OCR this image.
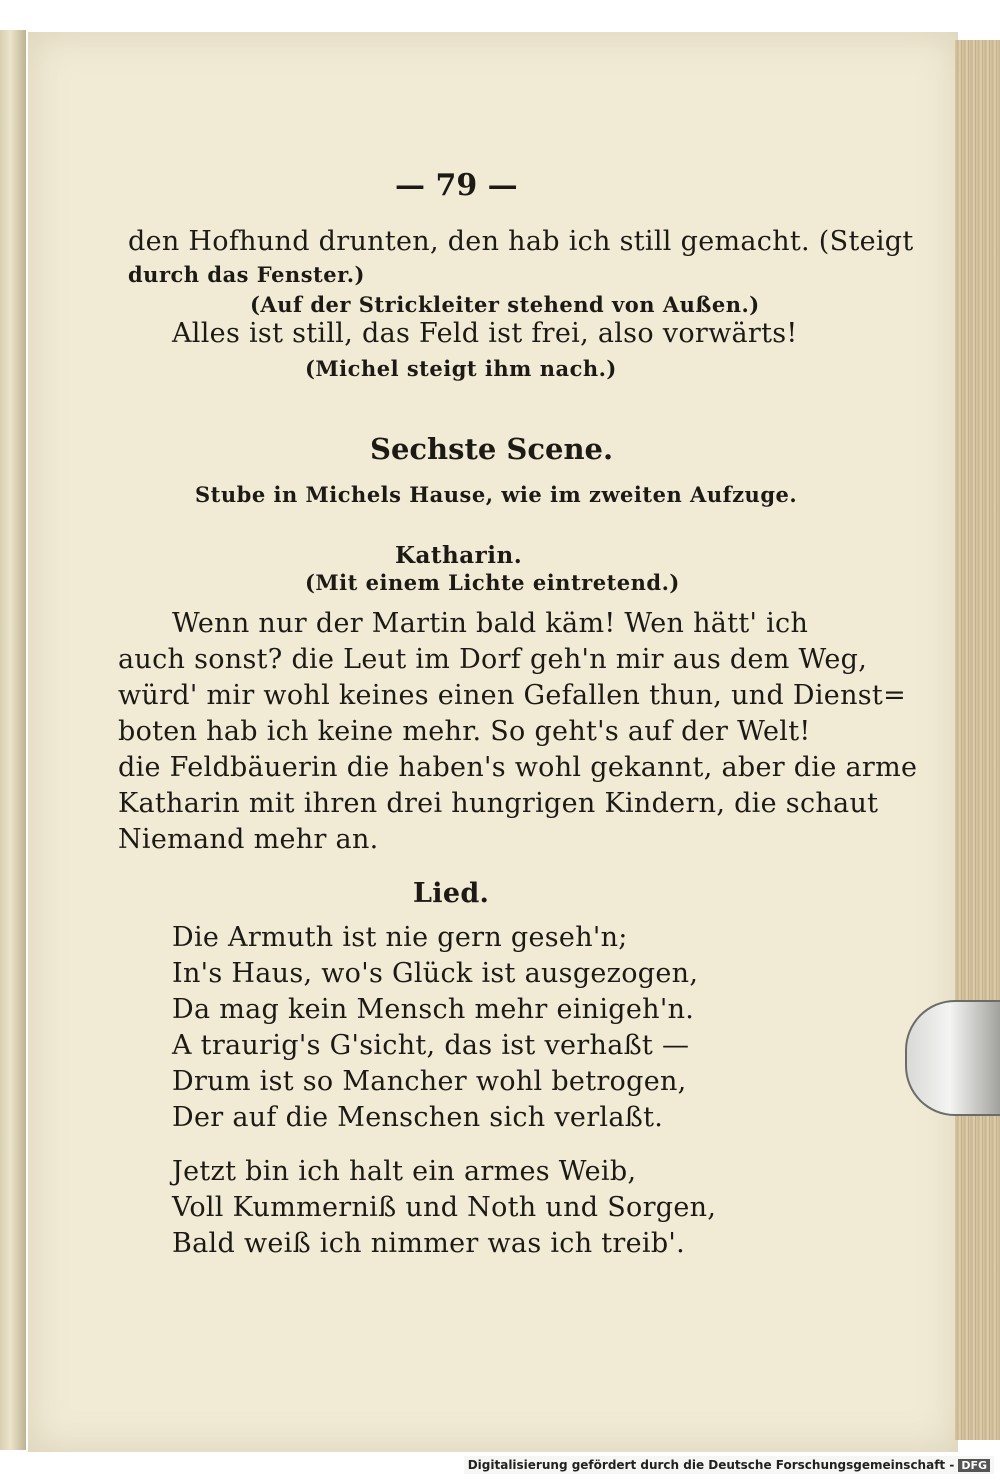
— 79 —
den Hofhund drunten, den hab ich still gemacht. (Steigt
durch das Fenster.)
(Auf der Strickleiter stehend von Außen.)
Alles ist still, das Feld ist frei, also vorwärts!
(Michel steigt ihm nach.)
Sechste Scene.
Stube in Michels Hause, wie im zweiten Aufzuge.
Katharin.
(Mit einem Lichte eintretend.)
Wenn nur der Martin bald käm! Wen hätt' ich
auch sonst? die Leut im Dorf geh'n mir aus dem Weg,
würd' mir wohl keines einen Gefallen thun, und Dienst=
boten hab ich keine mehr. So geht's auf der Welt!
die Feldbäuerin die haben's wohl gekannt, aber die arme
Katharin mit ihren drei hungrigen Kindern, die schaut
Niemand mehr an.
Lied.
Die Armuth ist nie gern geseh'n;
In's Haus, wo's Glück ist ausgezogen,
Da mag kein Mensch mehr einigeh'n.
A traurig's G'sicht, das ist verhaßt —
Drum ist so Mancher wohl betrogen,
Der auf die Menschen sich verlaßt.
Jetzt bin ich halt ein armes Weib,
Voll Kummerniß und Noth und Sorgen,
Bald weiß ich nimmer was ich treib'.
Digitalisierung gefördert durch die Deutsche Forschungsgemeinschaft - DFG
